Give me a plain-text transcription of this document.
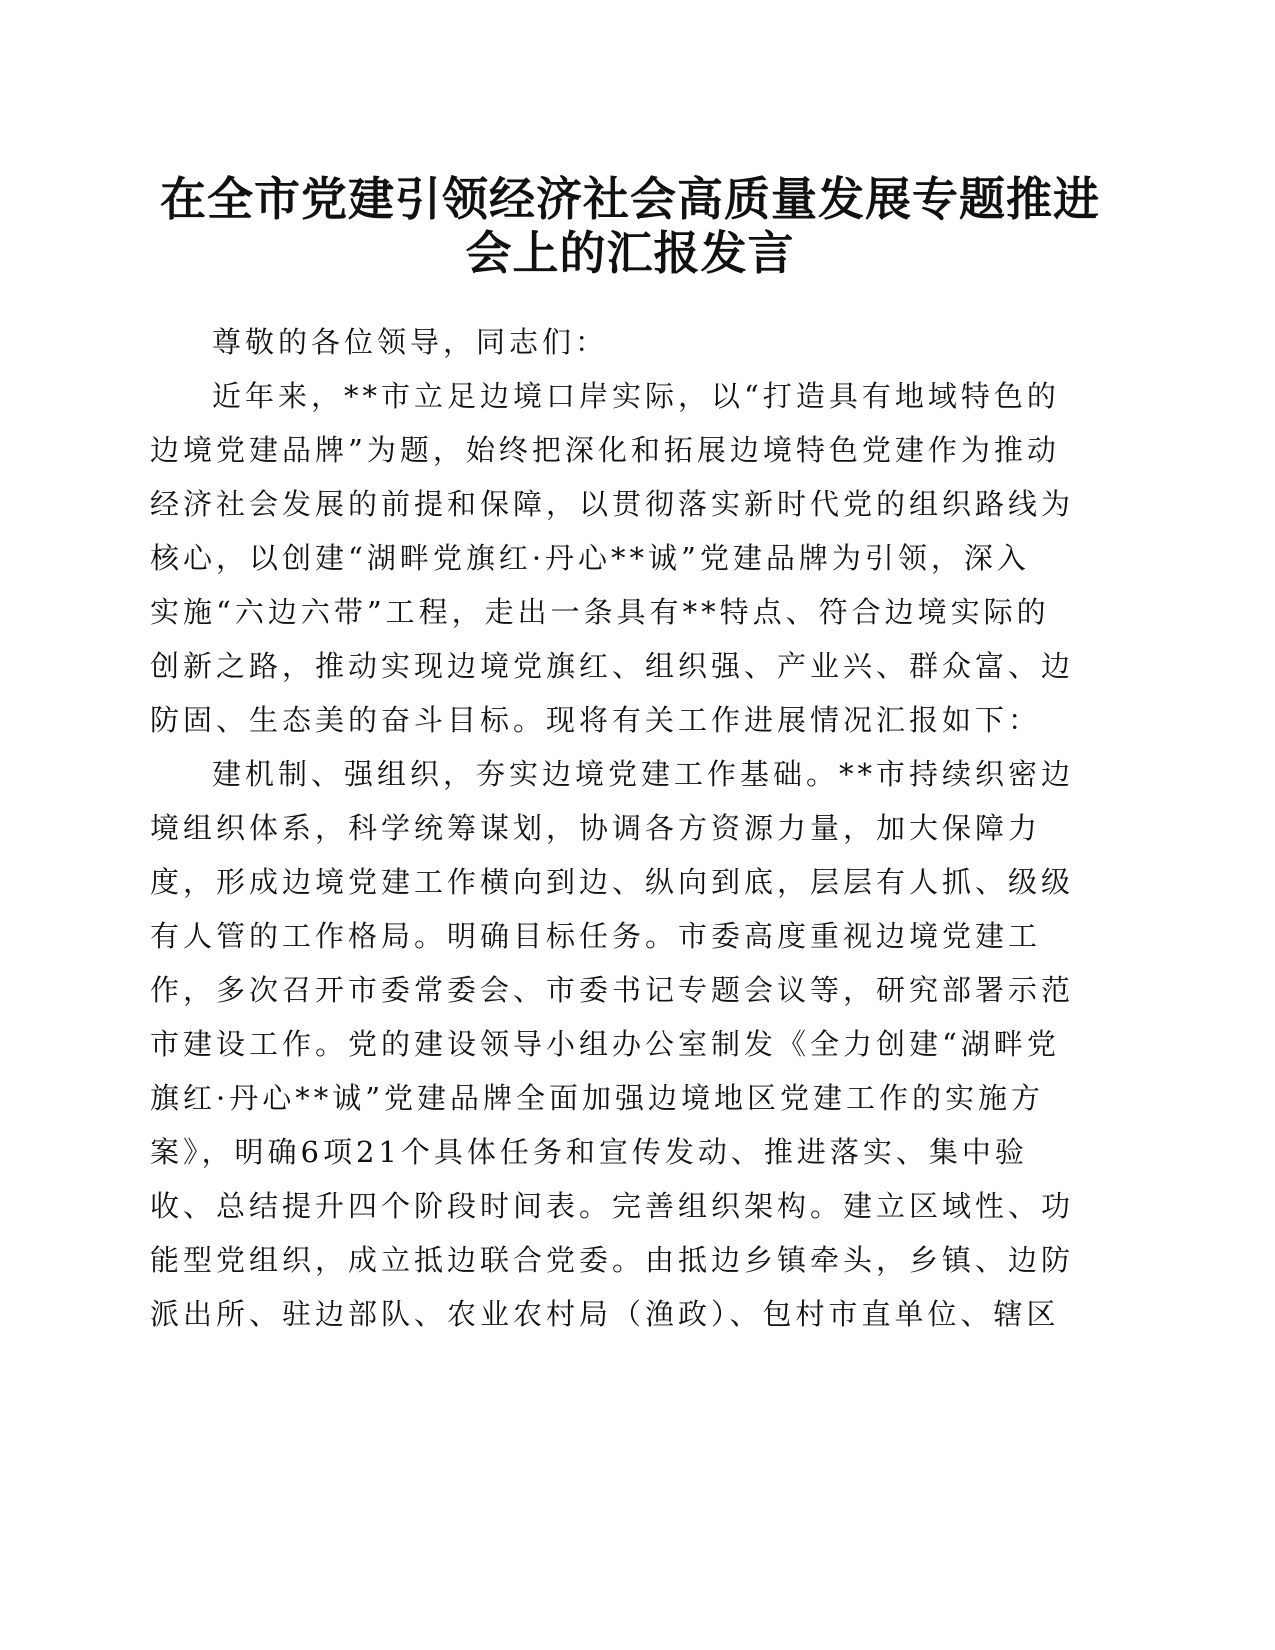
在全市党建引领经济社会高质量发展专题推进
会上的汇报发言

尊敬的各位领导，同志们：

近年来，**市立足边境口岸实际，以“打造具有地域特色的
边境党建品牌”为题，始终把深化和拓展边境特色党建作为推动
经济社会发展的前提和保障，以贯彻落实新时代党的组织路线为
核心，以创建“湖畔党旗红·丹心**诚”党建品牌为引领，深入
实施“六边六带”工程，走出一条具有**特点、符合边境实际的
创新之路，推动实现边境党旗红、组织强、产业兴、群众富、边
防固、生态美的奋斗目标。现将有关工作进展情况汇报如下：

建机制、强组织，夯实边境党建工作基础。**市持续织密边
境组织体系，科学统筹谋划，协调各方资源力量，加大保障力
度，形成边境党建工作横向到边、纵向到底，层层有人抓、级级
有人管的工作格局。明确目标任务。市委高度重视边境党建工
作，多次召开市委常委会、市委书记专题会议等，研究部署示范
市建设工作。党的建设领导小组办公室制发《全力创建“湖畔党
旗红·丹心**诚”党建品牌全面加强边境地区党建工作的实施方
案》，明确6项21个具体任务和宣传发动、推进落实、集中验
收、总结提升四个阶段时间表。完善组织架构。建立区域性、功
能型党组织，成立抵边联合党委。由抵边乡镇牵头，乡镇、边防
派出所、驻边部队、农业农村局（渔政）、包村市直单位、辖区
